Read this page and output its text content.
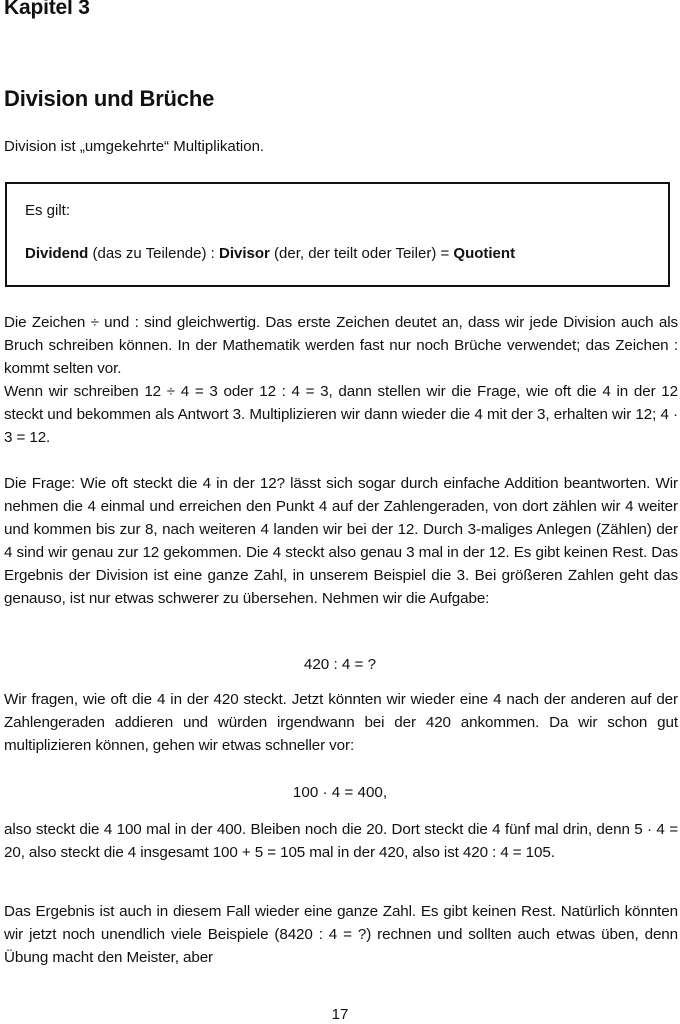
Kapitel 3
Division und Brüche

Division ist „umgekehrte“ Multiplikation.

Es gilt:

Dividend (das zu Teilende) : Divisor (der, der teilt oder Teiler) = Quotient

Die Zeichen ÷ und : sind gleichwertig. Das erste Zeichen deutet an, dass wir jede Division auch als Bruch schreiben können. In der Mathematik werden fast nur noch Brüche verwendet; das Zeichen : kommt selten vor.

Wenn wir schreiben 12 ÷ 4 = 3 oder 12 : 4 = 3, dann stellen wir die Frage, wie oft die 4 in der 12 steckt und bekommen als Antwort 3. Multiplizieren wir dann wieder die 4 mit der 3, erhalten wir 12; 4 · 3 = 12.

Die Frage: Wie oft steckt die 4 in der 12? lässt sich sogar durch einfache Addition beantworten. Wir nehmen die 4 einmal und erreichen den Punkt 4 auf der Zahlengeraden, von dort zählen wir 4 weiter und kommen bis zur 8, nach weiteren 4 landen wir bei der 12. Durch 3-maliges Anlegen (Zählen) der 4 sind wir genau zur 12 gekommen. Die 4 steckt also genau 3 mal in der 12. Es gibt keinen Rest. Das Ergebnis der Division ist eine ganze Zahl, in unserem Beispiel die 3. Bei größeren Zahlen geht das genauso, ist nur etwas schwerer zu übersehen. Nehmen wir die Aufgabe:

420 : 4 = ?

Wir fragen, wie oft die 4 in der 420 steckt. Jetzt könnten wir wieder eine 4 nach der anderen auf der Zahlengeraden addieren und würden irgendwann bei der 420 ankommen. Da wir schon gut multiplizieren können, gehen wir etwas schneller vor:

100 · 4 = 400,

also steckt die 4 100 mal in der 400. Bleiben noch die 20. Dort steckt die 4 fünf mal drin, denn 5 · 4 = 20, also steckt die 4 insgesamt 100 + 5 = 105 mal in der 420, also ist 420 : 4 = 105.

Das Ergebnis ist auch in diesem Fall wieder eine ganze Zahl. Es gibt keinen Rest. Natürlich könnten wir jetzt noch unendlich viele Beispiele (8420 : 4 = ?) rechnen und sollten auch etwas üben, denn Übung macht den Meister, aber

17
